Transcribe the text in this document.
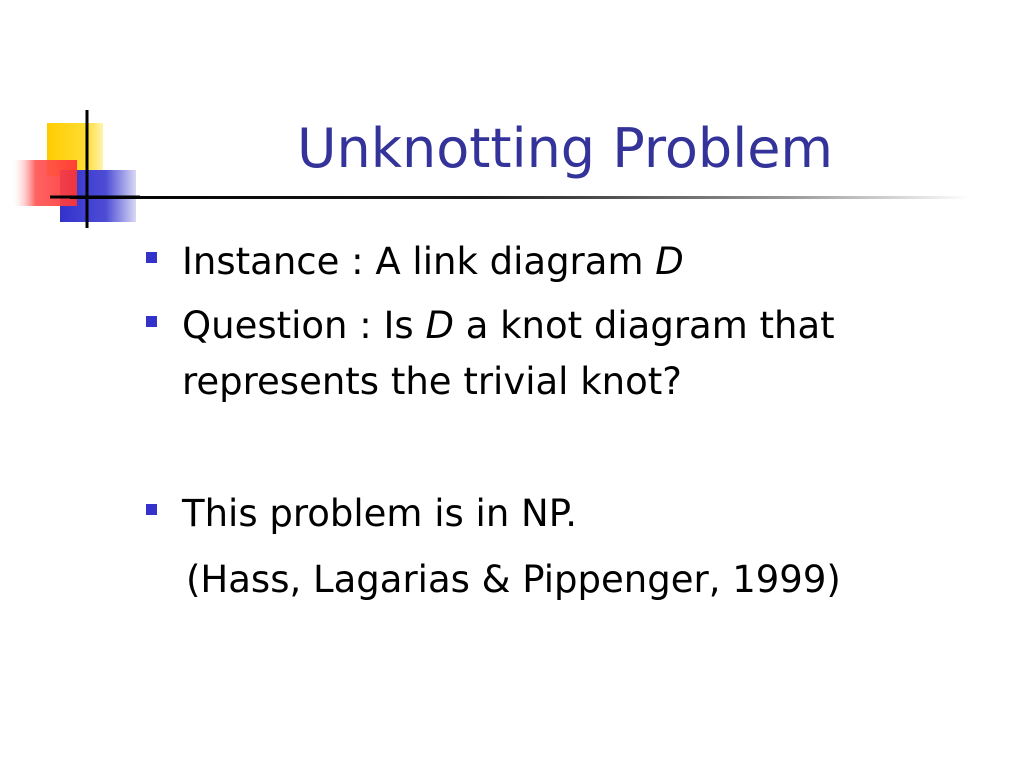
Unknotting Problem
Instance : A link diagram D
Question : Is D a knot diagram that represents the trivial knot?
This problem is in NP.
(Hass, Lagarias & Pippenger, 1999)
